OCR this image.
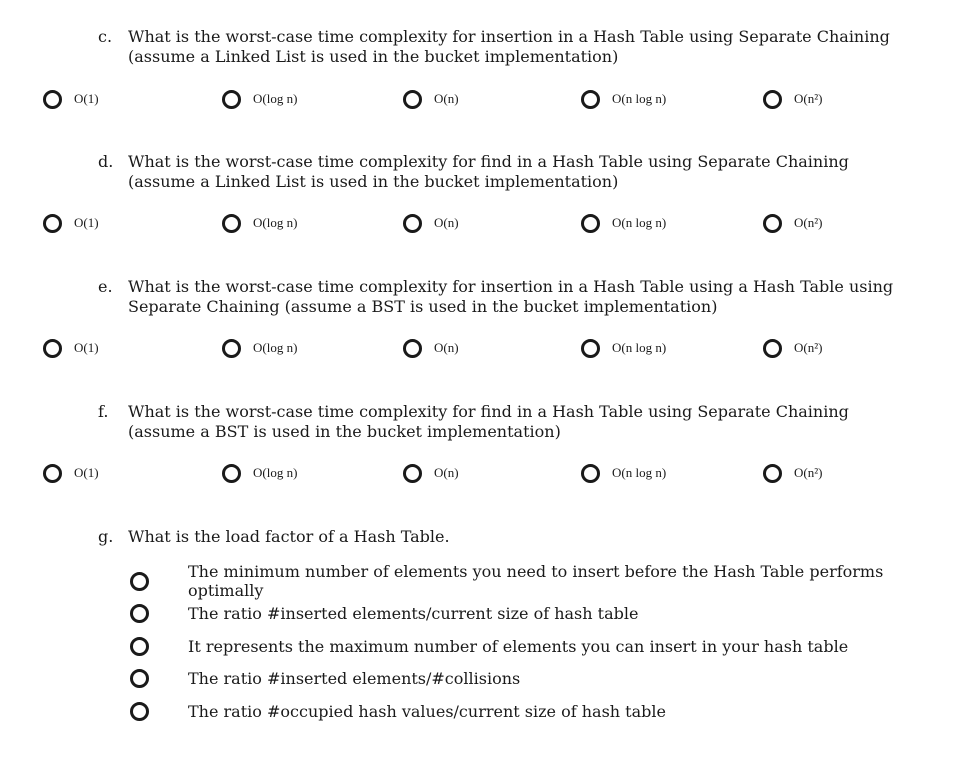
c. What is the worst-case time complexity for insertion in a Hash Table using Separate Chaining (assume a Linked List is used in the bucket implementation)
O(1)	O(log n)	O(n)	O(n log n)	O(n²)
d. What is the worst-case time complexity for find in a Hash Table using Separate Chaining (assume a Linked List is used in the bucket implementation)
O(1)	O(log n)	O(n)	O(n log n)	O(n²)
e. What is the worst-case time complexity for insertion in a Hash Table using a Hash Table using Separate Chaining (assume a BST is used in the bucket implementation)
O(1)	O(log n)	O(n)	O(n log n)	O(n²)
f.	What is the worst-case time complexity for find in a Hash Table using Separate Chaining (assume a BST is used in the bucket implementation)
O(1)	O(log n)	O(n)	O(n log n)	O(n²)
g. What is the load factor of a Hash Table.
The minimum number of elements you need to insert before the Hash Table performs optimally
The ratio #inserted elements/current size of hash table
It represents the maximum number of elements you can insert in your hash table
The ratio #inserted elements/#collisions
The ratio #occupied hash values/current size of hash table
